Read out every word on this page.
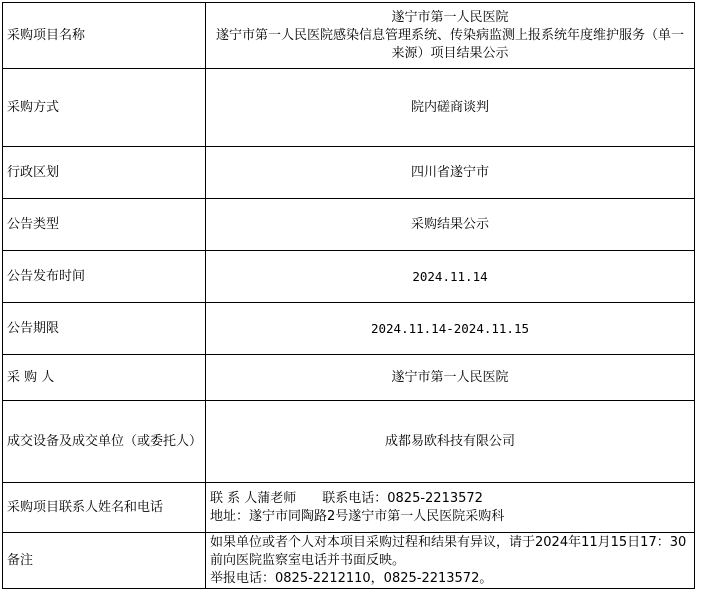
采购项目名称	遂宁市第一人民医院
遂宁市第一人民医院感染信息管理系统、传染病监测上报系统年度维护服务（单一来源）项目结果公示

采购方式	院内磋商谈判
行政区划	四川省遂宁市
公告类型	采购结果公示
公告发布时间	2024.11.14
公告期限	2024.11.14-2024.11.15
采 购 人	遂宁市第一人民医院
成交设备及成交单位（或委托人）	成都易欧科技有限公司
采购项目联系人姓名和电话	联 系 人蒲老师　　联系电话：0825-2213572
地址：遂宁市同陶路2号遂宁市第一人民医院采购科

备注	如果单位或者个人对本项目采购过程和结果有异议，请于2024年11月15日17：30前向医院监察室电话并书面反映。
举报电话：0825-2212110，0825-2213572。
